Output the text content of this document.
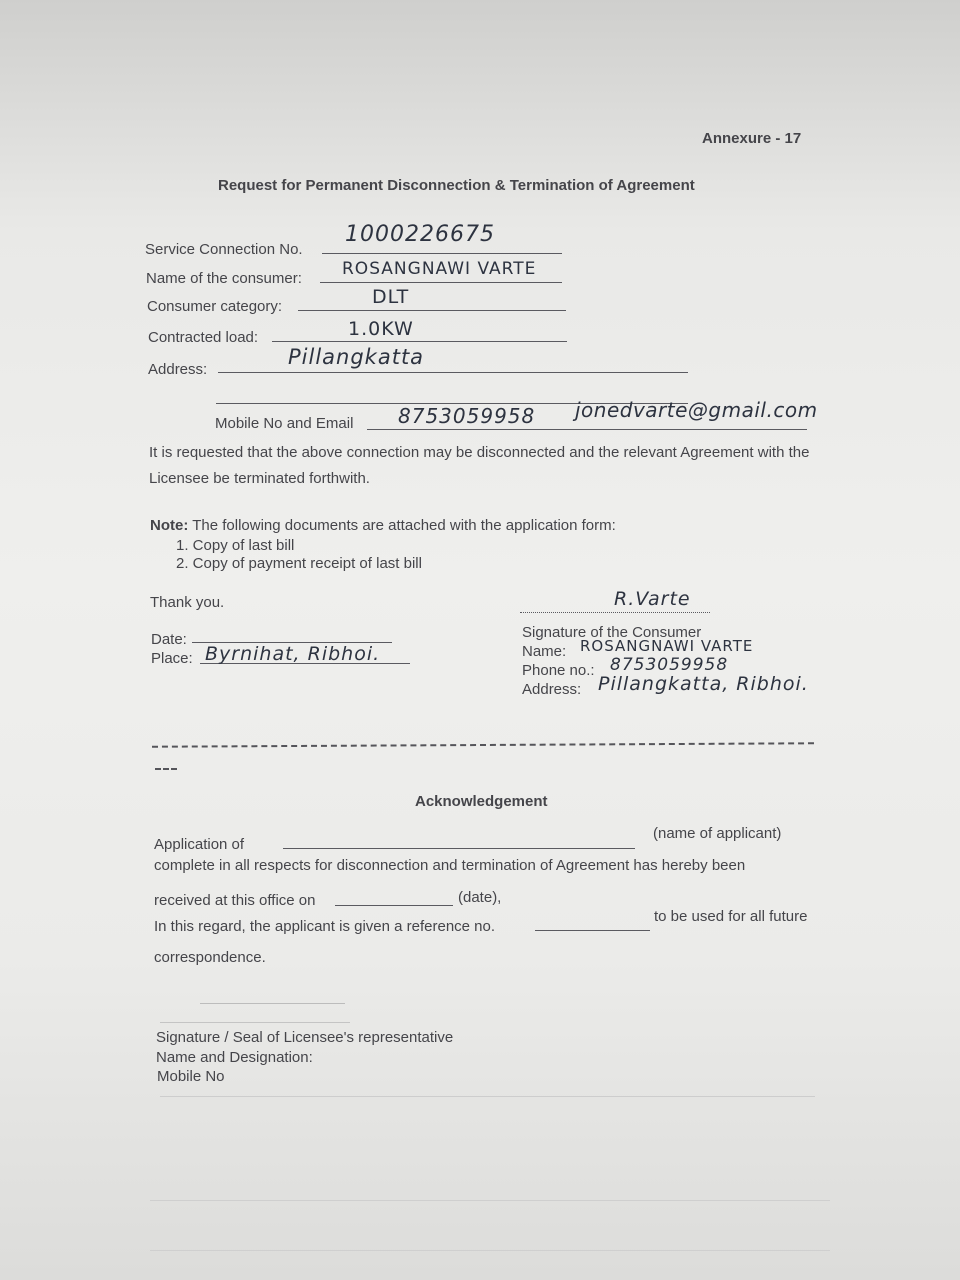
Annexure - 17
Request for Permanent Disconnection & Termination of Agreement
Service Connection No.
1000226675
Name of the consumer: ROSANGNAWI VARTE
Consumer category:	DLT
Contracted load:	1.0KW
Address:
Pillangkatta
Mobile No and Email 8753059958 jonedvarte@gmail.com
It is requested that the above connection may be disconnected and the relevant Agreement with the Licensee be terminated forthwith.
Note: The following documents are attached with the application form:
1. Copy of last bill
2. Copy of payment receipt of last bill
Thank you.
Date:
Place: Byrnihat, Ribhoi.
R.Varte
Signature of the Consumer
Name: ROSANGNAWI VARTE
Phone no.: 8753059958
Address: Pillangkatta, Ribhoi.
Acknowledgement
Application of
(name of applicant)
complete in all respects for disconnection and termination of Agreement has hereby been
received at this office on	(date),
In this regard, the applicant is given a reference no.
to be used for all future
correspondence.
Signature / Seal of Licensee's representative
Name and Designation:
Mobile No
